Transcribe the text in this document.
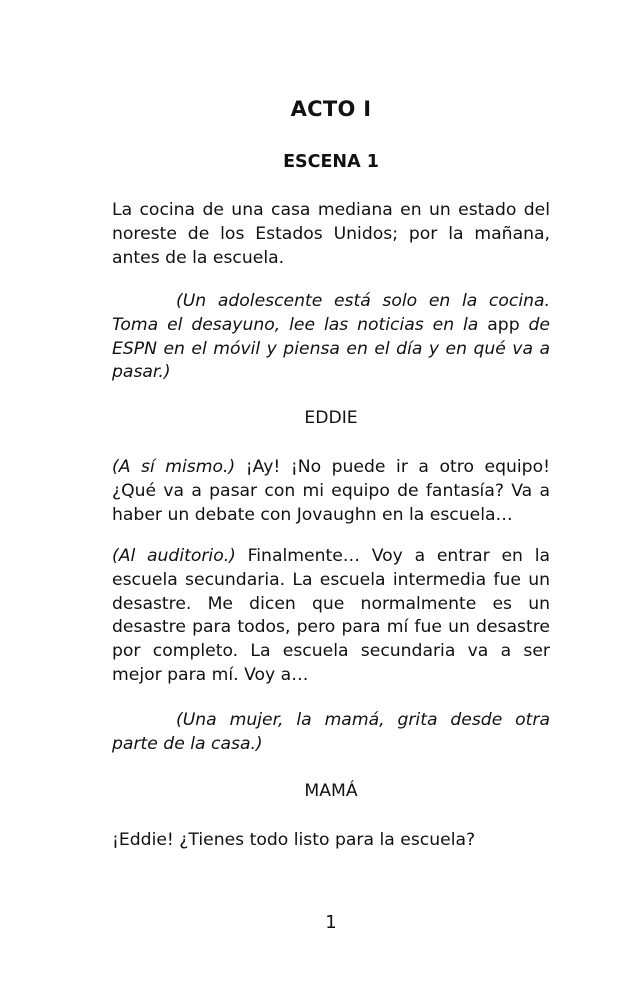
ACTO I
ESCENA 1

La cocina de una casa mediana en un estado del noreste de los Estados Unidos; por la mañana, antes de la escuela.

(Un adolescente está solo en la cocina. Toma el desayuno, lee las noticias en la app de ESPN en el móvil y piensa en el día y en qué va a pasar.)

EDDIE

(A sí mismo.) ¡Ay! ¡No puede ir a otro equipo! ¿Qué va a pasar con mi equipo de fantasía? Va a haber un debate con Jovaughn en la escuela…

(Al auditorio.) Finalmente… Voy a entrar en la escuela secundaria. La escuela intermedia fue un desastre. Me dicen que normalmente es un desastre para todos, pero para mí fue un desastre por completo. La escuela secundaria va a ser mejor para mí. Voy a…

(Una mujer, la mamá, grita desde otra parte de la casa.)

MAMÁ

¡Eddie! ¿Tienes todo listo para la escuela?

1
